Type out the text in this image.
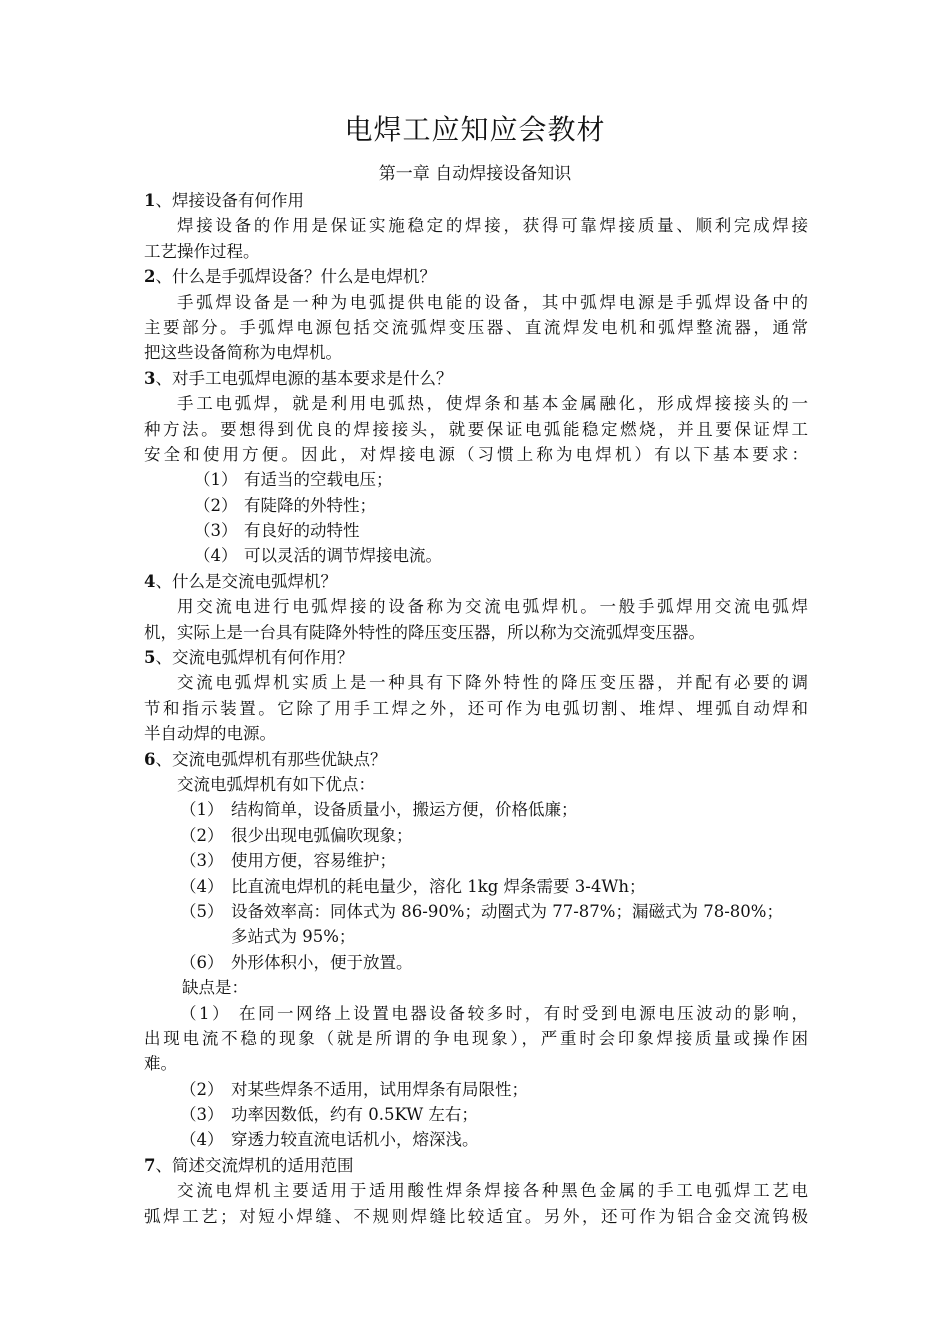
电焊工应知应会教材
第一章 自动焊接设备知识
1、焊接设备有何作用
焊接设备的作用是保证实施稳定的焊接，获得可靠焊接质量、顺利完成焊接
工艺操作过程。
2、什么是手弧焊设备？什么是电焊机？
手弧焊设备是一种为电弧提供电能的设备，其中弧焊电源是手弧焊设备中的
主要部分。手弧焊电源包括交流弧焊变压器、直流焊发电机和弧焊整流器，通常
把这些设备简称为电焊机。
3、对手工电弧焊电源的基本要求是什么？
手工电弧焊，就是利用电弧热，使焊条和基本金属融化，形成焊接接头的一
种方法。要想得到优良的焊接接头，就要保证电弧能稳定燃烧，并且要保证焊工
安全和使用方便。因此，对焊接电源（习惯上称为电焊机）有以下基本要求：
（1） 有适当的空载电压；
（2） 有陡降的外特性；
（3） 有良好的动特性
（4） 可以灵活的调节焊接电流。
4、什么是交流电弧焊机？
用交流电进行电弧焊接的设备称为交流电弧焊机。一般手弧焊用交流电弧焊
机，实际上是一台具有陡降外特性的降压变压器，所以称为交流弧焊变压器。
5、交流电弧焊机有何作用？
交流电弧焊机实质上是一种具有下降外特性的降压变压器，并配有必要的调
节和指示装置。它除了用手工焊之外，还可作为电弧切割、堆焊、埋弧自动焊和
半自动焊的电源。
6、交流电弧焊机有那些优缺点？
交流电弧焊机有如下优点：
（1） 结构简单，设备质量小，搬运方便，价格低廉；
（2） 很少出现电弧偏吹现象；
（3） 使用方便，容易维护；
（4） 比直流电焊机的耗电量少，溶化 1kg 焊条需要 3-4Wh；
（5） 设备效率高：同体式为 86-90%；动圈式为 77-87%；漏磁式为 78-80%；
多站式为 95%；
（6） 外形体积小，便于放置。
缺点是：
（1） 在同一网络上设置电器设备较多时，有时受到电源电压波动的影响，
出现电流不稳的现象（就是所谓的争电现象），严重时会印象焊接质量或操作困
难。
（2） 对某些焊条不适用，试用焊条有局限性；
（3） 功率因数低，约有 0.5KW 左右；
（4） 穿透力较直流电话机小，熔深浅。
7、简述交流焊机的适用范围
交流电焊机主要适用于适用酸性焊条焊接各种黑色金属的手工电弧焊工艺电
弧焊工艺；对短小焊缝、不规则焊缝比较适宜。另外，还可作为铝合金交流钨极
